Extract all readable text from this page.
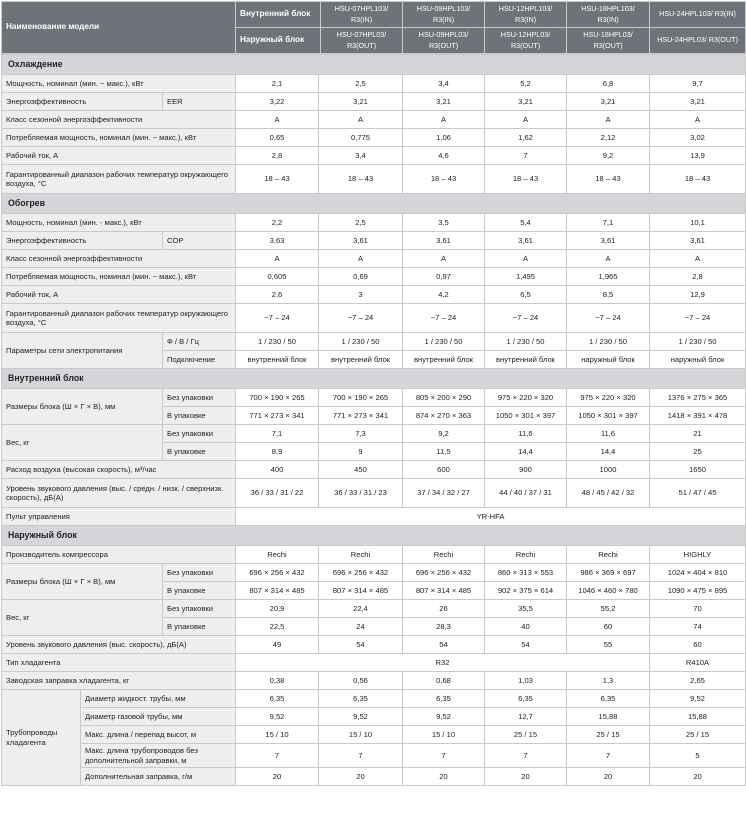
Наименование модели	Внутренний блок	HSU-07HPL103/ R3(IN)	HSU-09HPL103/ R3(IN)	HSU-12HPL103/ R3(IN)	HSU-18HPL103/ R3(IN)	HSU-24HPL103/ R3(IN)
	Наружный блок	HSU-07HPL03/ R3(OUT)	HSU-09HPL03/ R3(OUT)	HSU-12HPL03/ R3(OUT)	HSU-18HPL03/ R3(OUT)	HSU-24HPL03/ R3(OUT)
Охлаждение								
Мощность, номинал (мин. ~ макс.), кВт			2,1	2,5	3,4	5,2	6,8	9,7
Энергоэффективность		EER	3,22	3,21	3,21	3,21	3,21	3,21
Класс сезонной энергоэффективности			A	A	A	A	A	A
Потребляемая мощность, номинал (мин. ~ макс.), кВт			0,65	0,775	1,06	1,62	2,12	3,02
Рабочий ток, А			2,8	3,4	4,6	7	9,2	13,9
Гарантированный диапазон рабочих температур окружающего воздуха, °C			18 – 43	18 – 43	18 – 43	18 – 43	18 – 43	18 – 43
Обогрев								
Мощность, номинал (мин. - макс.), кВт			2,2	2,5	3,5	5,4	7,1	10,1
Энергоэффективность		COP	3,63	3,61	3,61	3,61	3,61	3,61
Класс сезонной энергоэффективности			A	A	A	A	A	A
Потребляемая мощность, номинал (мин. ~ макс.), кВт			0,605	0,69	0,97	1,495	1,965	2,8
Рабочий ток, А			2,6	3	4,2	6,5	8,5	12,9
Гарантированный диапазон рабочих температур окружающего воздуха, °C			−7 – 24	−7 – 24	−7 – 24	−7 – 24	−7 – 24	−7 – 24
Параметры сети электропитания		Ф / В / Гц	1 / 230 / 50	1 / 230 / 50	1 / 230 / 50	1 / 230 / 50	1 / 230 / 50	1 / 230 / 50
		Подключение	внутренний блок	внутренний блок	внутренний блок	внутренний блок	наружный блок	наружный блок
Внутренний блок								
Размеры блока (Ш × Г × В), мм		Без упаковки	700 × 190 × 265	700 × 190 × 265	805 × 200 × 290	975 × 220 × 320	975 × 220 × 320	1376 × 275 × 365
		В упаковке	771 × 273 × 341	771 × 273 × 341	874 × 270 × 363	1050 × 301 × 397	1050 × 301 × 397	1418 × 391 × 478
Вес, кг		Без упаковки	7,1	7,3	9,2	11,6	11,6	21
		В упаковке	8,9	9	11,5	14,4	14,4	25
Расход воздуха (высокая скорость), м³/час			400	450	600	900	1000	1650
Уровень звукового давления (выс. / средн. / низк. / сверхнизк. скорость), дБ(А)			36 / 33 / 31 / 22	36 / 33 / 31 / 23	37 / 34 / 32 / 27	44 / 40 / 37 / 31	48 / 45 / 42 / 32	51 / 47 / 45
Пульт управления			YR-HFA					
Наружный блок								
Производитель компрессора			Rechi	Rechi	Rechi	Rechi	Rechi	HIGHLY
Размеры блока (Ш × Г × В), мм		Без упаковки	696 × 256 × 432	696 × 256 × 432	696 × 256 × 432	860 × 313 × 553	986 × 369 × 697	1024 × 404 × 810
		В упаковке	807 × 314 × 485	807 × 314 × 485	807 × 314 × 485	902 × 375 × 614	1046 × 460 × 780	1090 × 475 × 895
Вес, кг		Без упаковки	20,9	22,4	26	35,5	55,2	70
		В упаковке	22,5	24	28,3	40	60	74
Уровень звукового давления (выс. скорость), дБ(А)			49	54	54	54	55	60
Тип хладагента			R32					R410A
Заводская заправка хладагента, кг			0,38	0,56	0,68	1,03	1,3	2,65
Трубопроводы хладагента	Диаметр жидкост. трубы, мм		6,35	6,35	6,35	6,35	6,35	9,52
	Диаметр газовой трубы, мм		9,52	9,52	9,52	12,7	15,88	15,88
	Макс. длина / перепад высот, м		15 / 10	15 / 10	15 / 10	25 / 15	25 / 15	25 / 15
	Макс. длина трубопроводов без дополнительной заправки, м		7	7	7	7	7	5
	Дополнительная заправка, г/м		20	20	20	20	20	20
